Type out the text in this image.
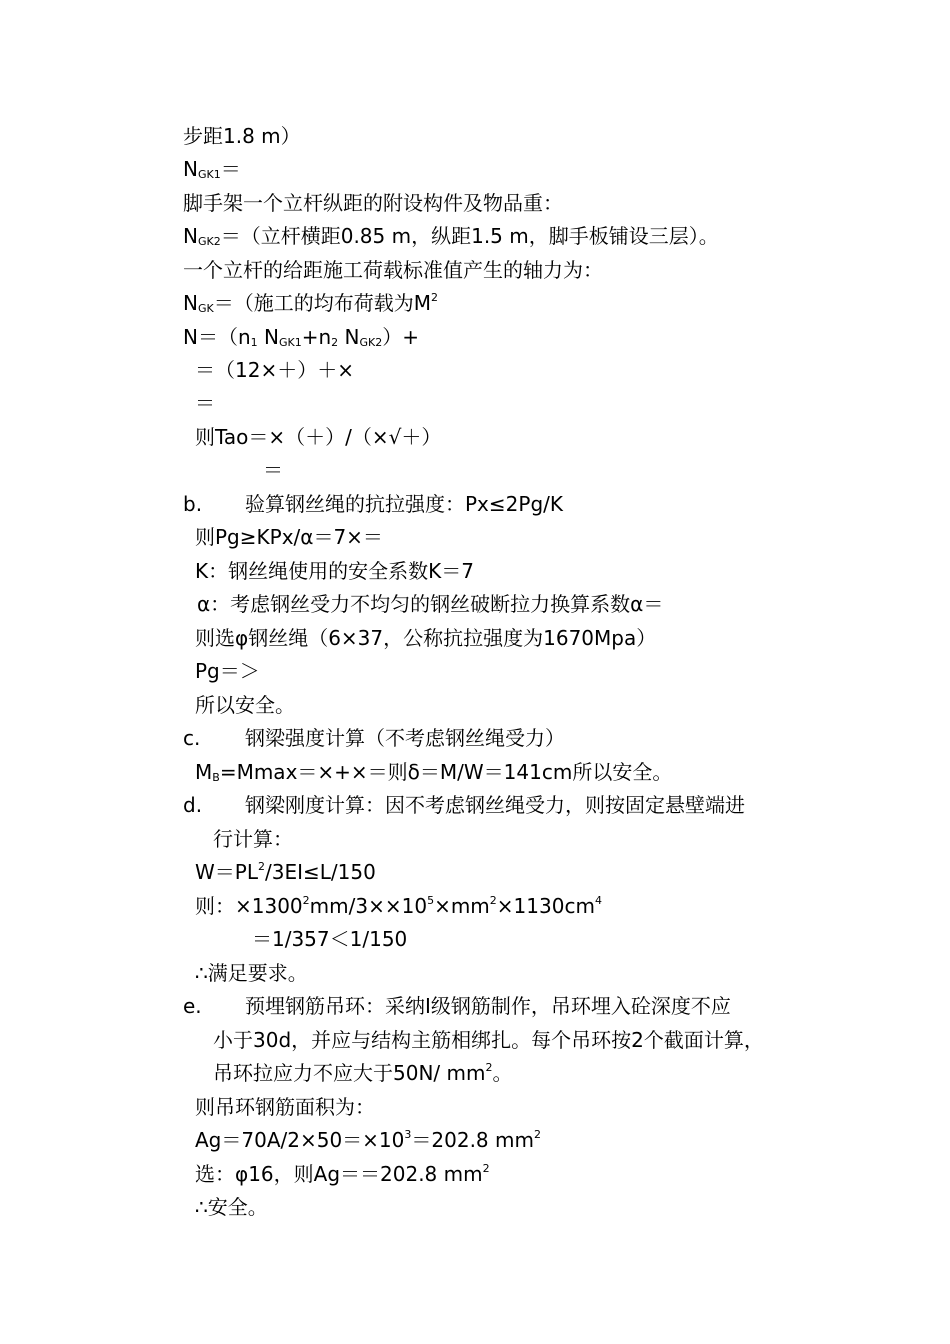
步距1.8 m）
$N_{GK1}=$
脚手架一个立杆纵距的附设构件及物品重：
$N_{GK2}=$（立杆横距0.85 m，纵距1.5 m，脚手板铺设三层）。
一个立杆的给距施工荷载标准值产生的轴力为：
$N_{GK}=$（施工的均布荷载为$M^2$
$N=(n_1$ $N_{GK1}+n_2$ $N_{GK2})+$
＝（12×＋）＋×
＝
则Tao＝×（＋）/（×√＋）
＝
b. 验算钢丝绳的抗拉强度：Px≤2Pg/K
则Pg≥KPx/α＝7×＝
K：钢丝绳使用的安全系数K＝7
α：考虑钢丝受力不均匀的钢丝破断拉力换算系数α＝
则选φ钢丝绳（6×37，公称抗拉强度为1670Mpa）
Pg＝＞
所以安全。
c. 钢梁强度计算（不考虑钢丝绳受力）
$M_B=Mmax=\times+\times=$则δ＝M/W＝141cm所以安全。
d. 钢梁刚度计算：因不考虑钢丝绳受力，则按固定悬壁端进
行计算：
$W=PL^2/3EI\le L/150$
则：$\times 1300^2mm/3\times\times 10^5\times mm^2\times 1130cm^4$
＝1/357＜1/150
∴满足要求。
e. 预埋钢筋吊环：采纳Ⅰ级钢筋制作，吊环埋入砼深度不应
小于30d，并应与结构主筋相绑扎。每个吊环按2个截面计算，
吊环拉应力不应大于50N/ $mm^2$。
则吊环钢筋面积为：
$Ag=70A/2\times 50=\times 10^3=202.8$ $mm^2$
选：φ16，则Ag＝＝202.8 $mm^2$
∴安全。
